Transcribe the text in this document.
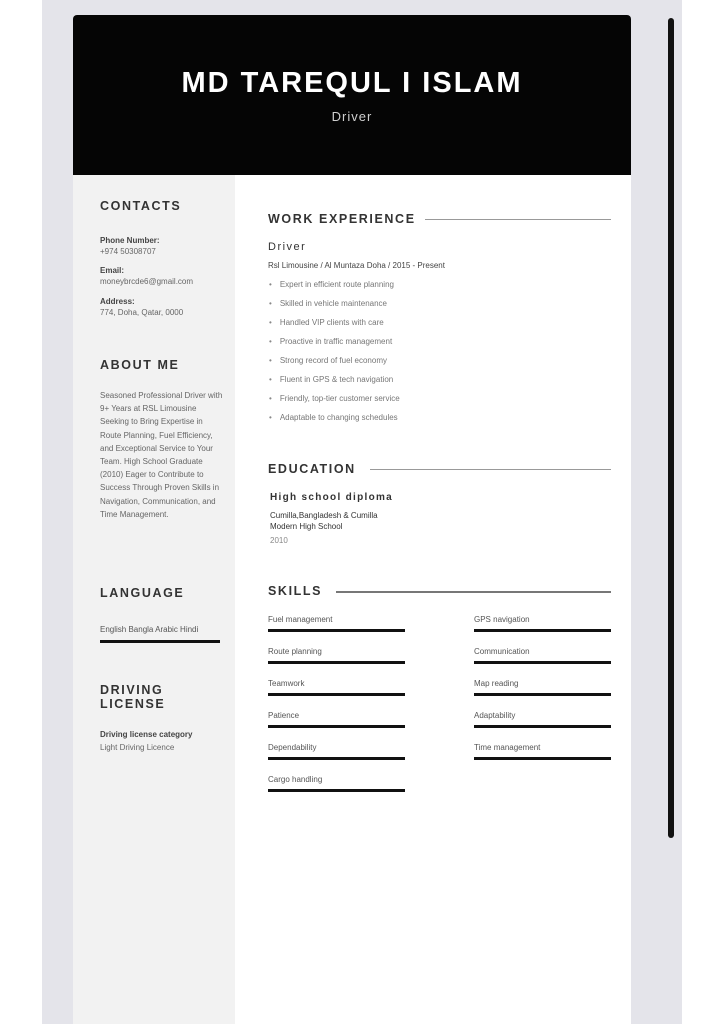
MD TAREQUL I ISLAM
Driver
CONTACTS
Phone Number:
+974 50308707
Email:
moneybrcde6@gmail.com
Address:
774, Doha, Qatar, 0000
ABOUT ME
Seasoned Professional Driver with 9+ Years at RSL Limousine Seeking to Bring Expertise in Route Planning, Fuel Efficiency, and Exceptional Service to Your Team. High School Graduate (2010) Eager to Contribute to Success Through Proven Skills in Navigation, Communication, and Time Management.
LANGUAGE
English Bangla Arabic Hindi
DRIVING
LICENSE
Driving license category
Light Driving Licence
WORK EXPERIENCE
Driver
Rsl Limousine / Al Muntaza Doha / 2015 - Present
• Expert in efficient route planning
• Skilled in vehicle maintenance
• Handled VIP clients with care
• Proactive in traffic management
• Strong record of fuel economy
• Fluent in GPS & tech navigation
• Friendly, top-tier customer service
• Adaptable to changing schedules
EDUCATION
High school diploma
Cumilla,Bangladesh & Cumilla
Modern High School
2010
SKILLS
Fuel management
Route planning
Teamwork
Patience
Dependability
Cargo handling
GPS navigation
Communication
Map reading
Adaptability
Time management
